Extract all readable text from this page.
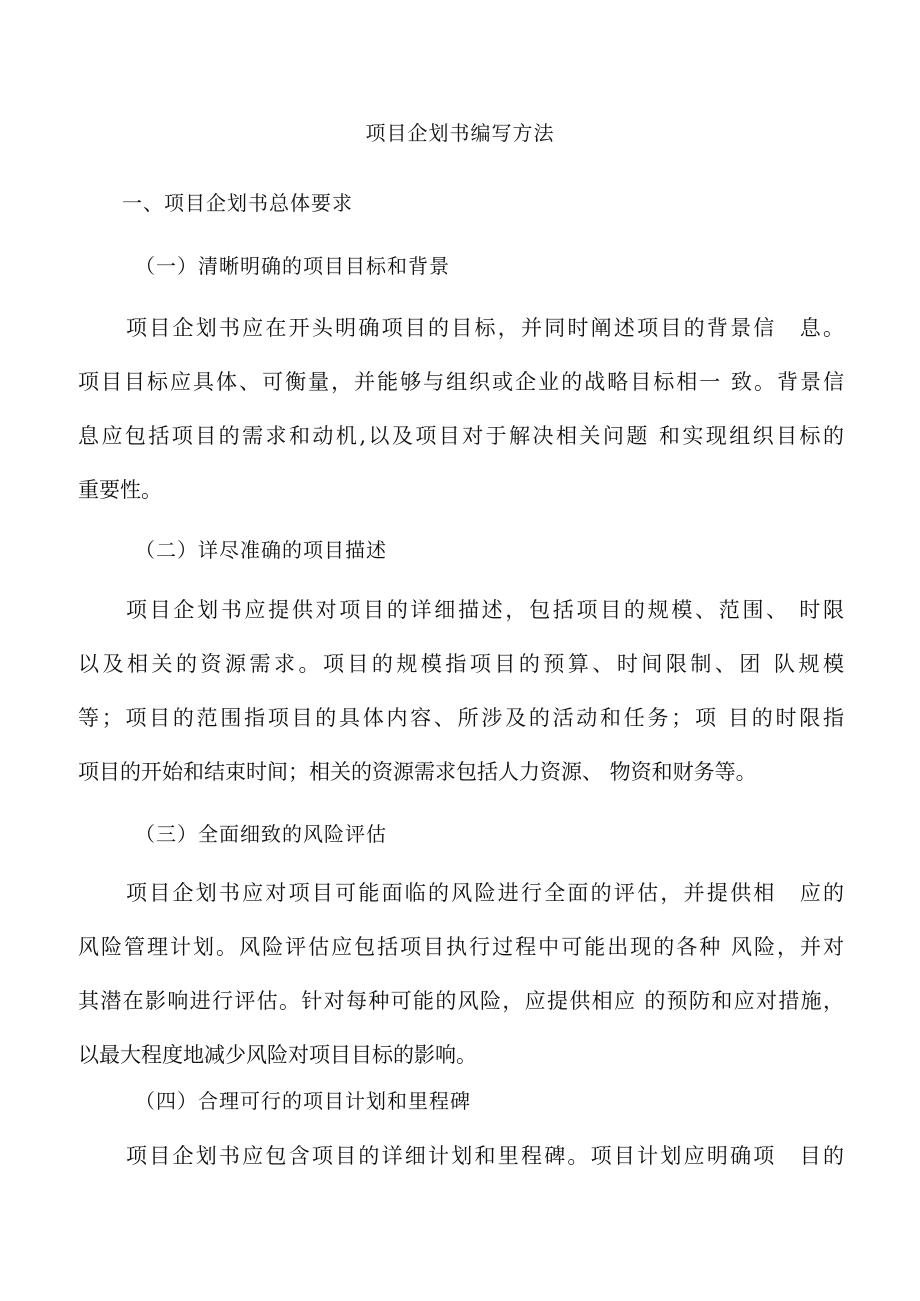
项目企划书编写方法
一、项目企划书总体要求
（一）清晰明确的项目目标和背景
项目企划书应在开头明确项目的目标，并同时阐述项目的背景信　息。
项目目标应具体、可衡量，并能够与组织或企业的战略目标相一 致。背景信
息应包括项目的需求和动机,以及项目对于解决相关问题 和实现组织目标的
重要性。
（二）详尽准确的项目描述
项目企划书应提供对项目的详细描述，包括项目的规模、范围、 时限
以及相关的资源需求。项目的规模指项目的预算、时间限制、团 队规模
等；项目的范围指项目的具体内容、所涉及的活动和任务；项 目的时限指
项目的开始和结束时间；相关的资源需求包括人力资源、 物资和财务等。
（三）全面细致的风险评估
项目企划书应对项目可能面临的风险进行全面的评估，并提供相　应的
风险管理计划。风险评估应包括项目执行过程中可能出现的各种 风险，并对
其潜在影响进行评估。针对每种可能的风险，应提供相应 的预防和应对措施，
以最大程度地减少风险对项目目标的影响。
（四）合理可行的项目计划和里程碑
项目企划书应包含项目的详细计划和里程碑。项目计划应明确项　目的
